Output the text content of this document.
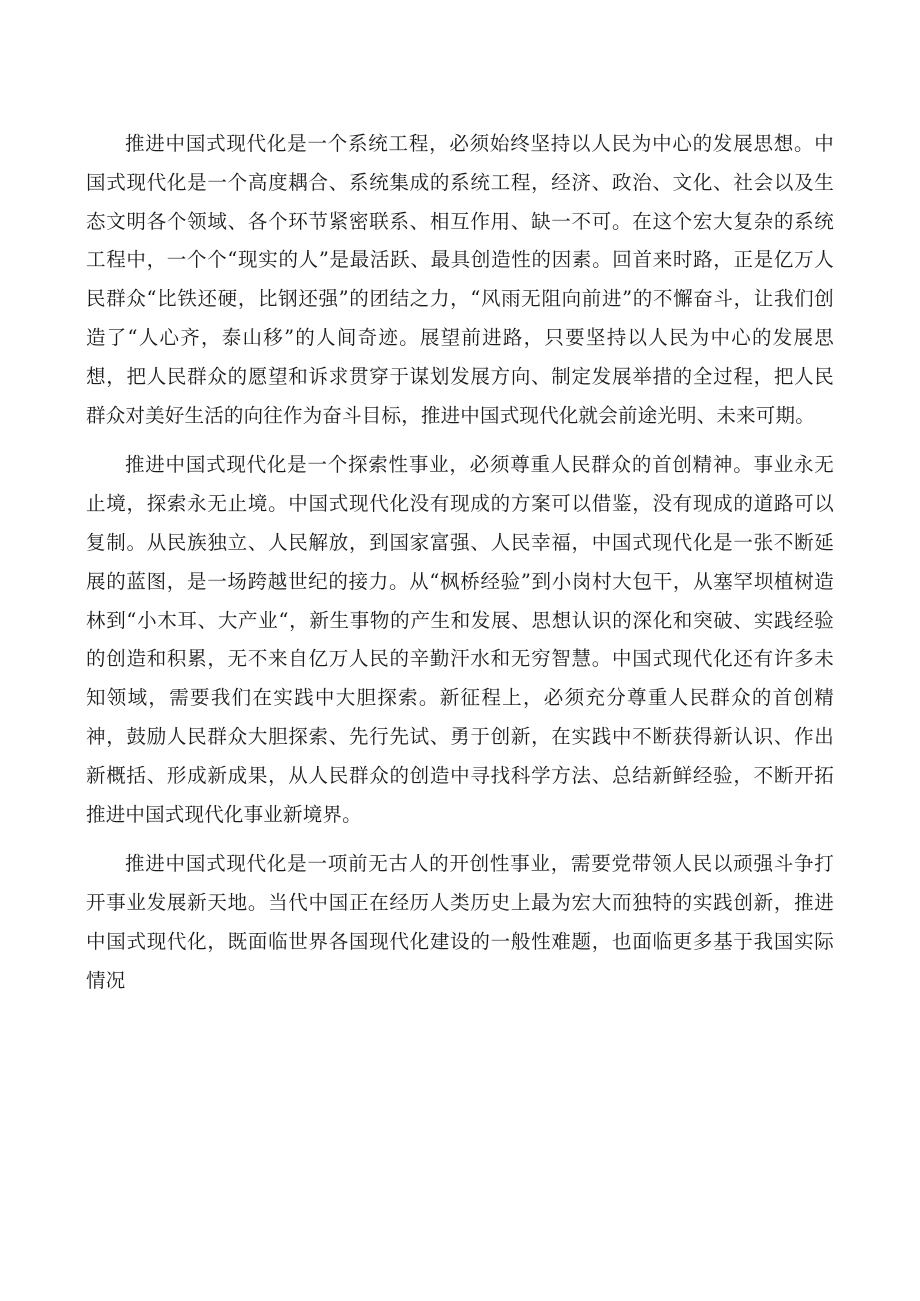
推进中国式现代化是一个系统工程，必须始终坚持以人民为中心的发展思想。中国式现代化是一个高度耦合、系统集成的系统工程，经济、政治、文化、社会以及生态文明各个领域、各个环节紧密联系、相互作用、缺一不可。在这个宏大复杂的系统工程中，一个个“现实的人”是最活跃、最具创造性的因素。回首来时路，正是亿万人民群众“比铁还硬，比钢还强”的团结之力，“风雨无阻向前进”的不懈奋斗，让我们创造了“人心齐，泰山移”的人间奇迹。展望前进路，只要坚持以人民为中心的发展思想，把人民群众的愿望和诉求贯穿于谋划发展方向、制定发展举措的全过程，把人民群众对美好生活的向往作为奋斗目标，推进中国式现代化就会前途光明、未来可期。

推进中国式现代化是一个探索性事业，必须尊重人民群众的首创精神。事业永无止境，探索永无止境。中国式现代化没有现成的方案可以借鉴，没有现成的道路可以复制。从民族独立、人民解放，到国家富强、人民幸福，中国式现代化是一张不断延展的蓝图，是一场跨越世纪的接力。从“枫桥经验”到小岗村大包干，从塞罕坝植树造林到“小木耳、大产业“，新生事物的产生和发展、思想认识的深化和突破、实践经验的创造和积累，无不来自亿万人民的辛勤汗水和无穷智慧。中国式现代化还有许多未知领域，需要我们在实践中大胆探索。新征程上，必须充分尊重人民群众的首创精神，鼓励人民群众大胆探索、先行先试、勇于创新，在实践中不断获得新认识、作出新概括、形成新成果，从人民群众的创造中寻找科学方法、总结新鲜经验，不断开拓推进中国式现代化事业新境界。

推进中国式现代化是一项前无古人的开创性事业，需要党带领人民以顽强斗争打开事业发展新天地。当代中国正在经历人类历史上最为宏大而独特的实践创新，推进中国式现代化，既面临世界各国现代化建设的一般性难题，也面临更多基于我国实际情况
